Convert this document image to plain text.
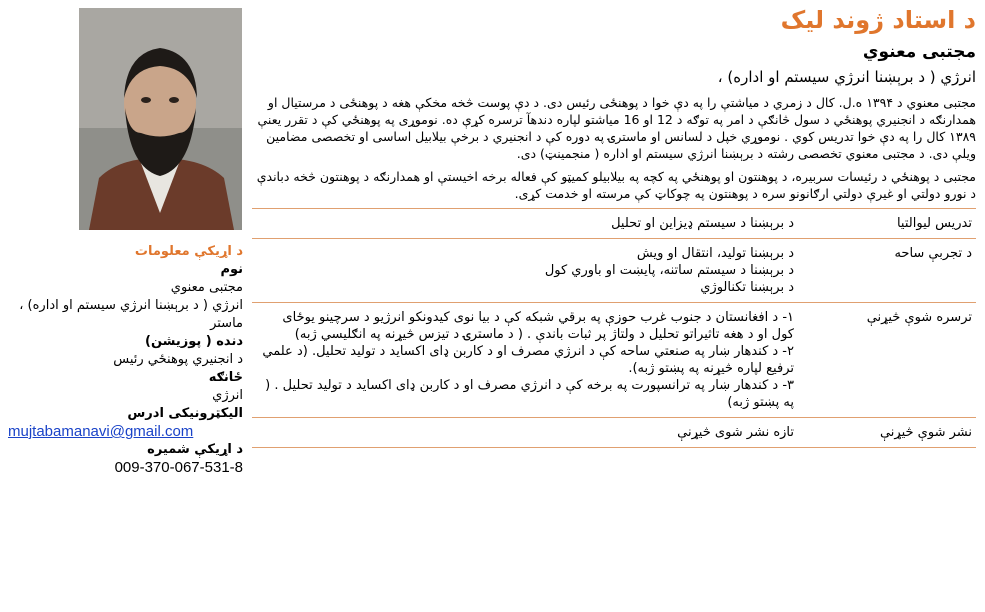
د اړیکې معلومات
نوم
مجتبی معنوي
انرژي ( د برېښنا انرژي سیستم او اداره) ، ماستر
دنده ( پوزیشن)
د انجنیري پوهنځي رئیس
ځانګه
انرژي
الیکټرونیکی ادرس
mujtabamanavi@gmail.com
د اړیکې شمیره
009-370-067-531-8
د استاد ژوند لیک
مجتبی معنوي
انرژي ( د برېښنا انرژي سیستم او اداره) ،
مجتبی معنوي د ۱۳۹۴ ه.ل. کال د زمري د میاشتې را په دې خوا د پوهنځی رئیس دی. د دې پوست څخه مخکې هغه د پوهنځی د مرستیال او همدارنګه د انجنیري پوهنځي د سول څانګې د امر په توګه د 12 او 16 میاشتو لپاره دندهآ ترسره کړې ده. نوموړی په پوهنځي کې د تقرر یعنې ۱۳۸۹ کال را په دې خوا تدریس کوي . نوموړي خپل د لسانس او ماسترۍ په دوره کې د انجنیري د برخې بیلابیل اساسی او تخصصی مضامین ویلې دی. د مجتبی معنوي تخصصی رشته د برېښنا انرژي سیستم او اداره ( منجمینټ) دی.
مجتبی د پوهنځي د رئیسات سربیره، د پوهنتون او پوهنځي په کچه په بیلابیلو کمیټو کې فعاله برخه اخیستې او همدارنګه د پوهنتون څخه دباندې د نورو دولتي او غیرې دولتي ارګانونو سره د پوهنتون په چوکاټ کې مرسته او خدمت کړی.
تدریس لیوالتیا	د برېښنا د سیستم ډیزاین او تحلیل
د تجربې ساحه	د برېښنا تولید، انتقال او ویش
د برېښنا د سیستم ساتنه، پایښت او باوري کول
د برېښنا تکنالوژي
ترسره شوې څیړنې	۱- د افغانستان د جنوب غرب حوزې په برقي شبکه کې د بیا نوی کیدونکو انرژیو د سرچینو یوځای کول او د هغه تاثیراتو تحلیل د ولتاژ پر ثبات باندې . ( د ماسترۍ د تیزس څیړنه په انګلیسي ژبه)
۲- د کندهار ښار په صنعتي ساحه کې د انرژي مصرف او د کاربن ډای اکساید د تولید تحلیل. (د علمي ترفیع لپاره څیړنه په پښتو ژبه).
۳- د کندهار ښار په ترانسپورت په برخه کې د انرژي مصرف او د کاربن ډای اکساید د تولید تحلیل . ( په پښتو ژبه)
نشر شوې څیړنې	تازه نشر شوی څیړنې
